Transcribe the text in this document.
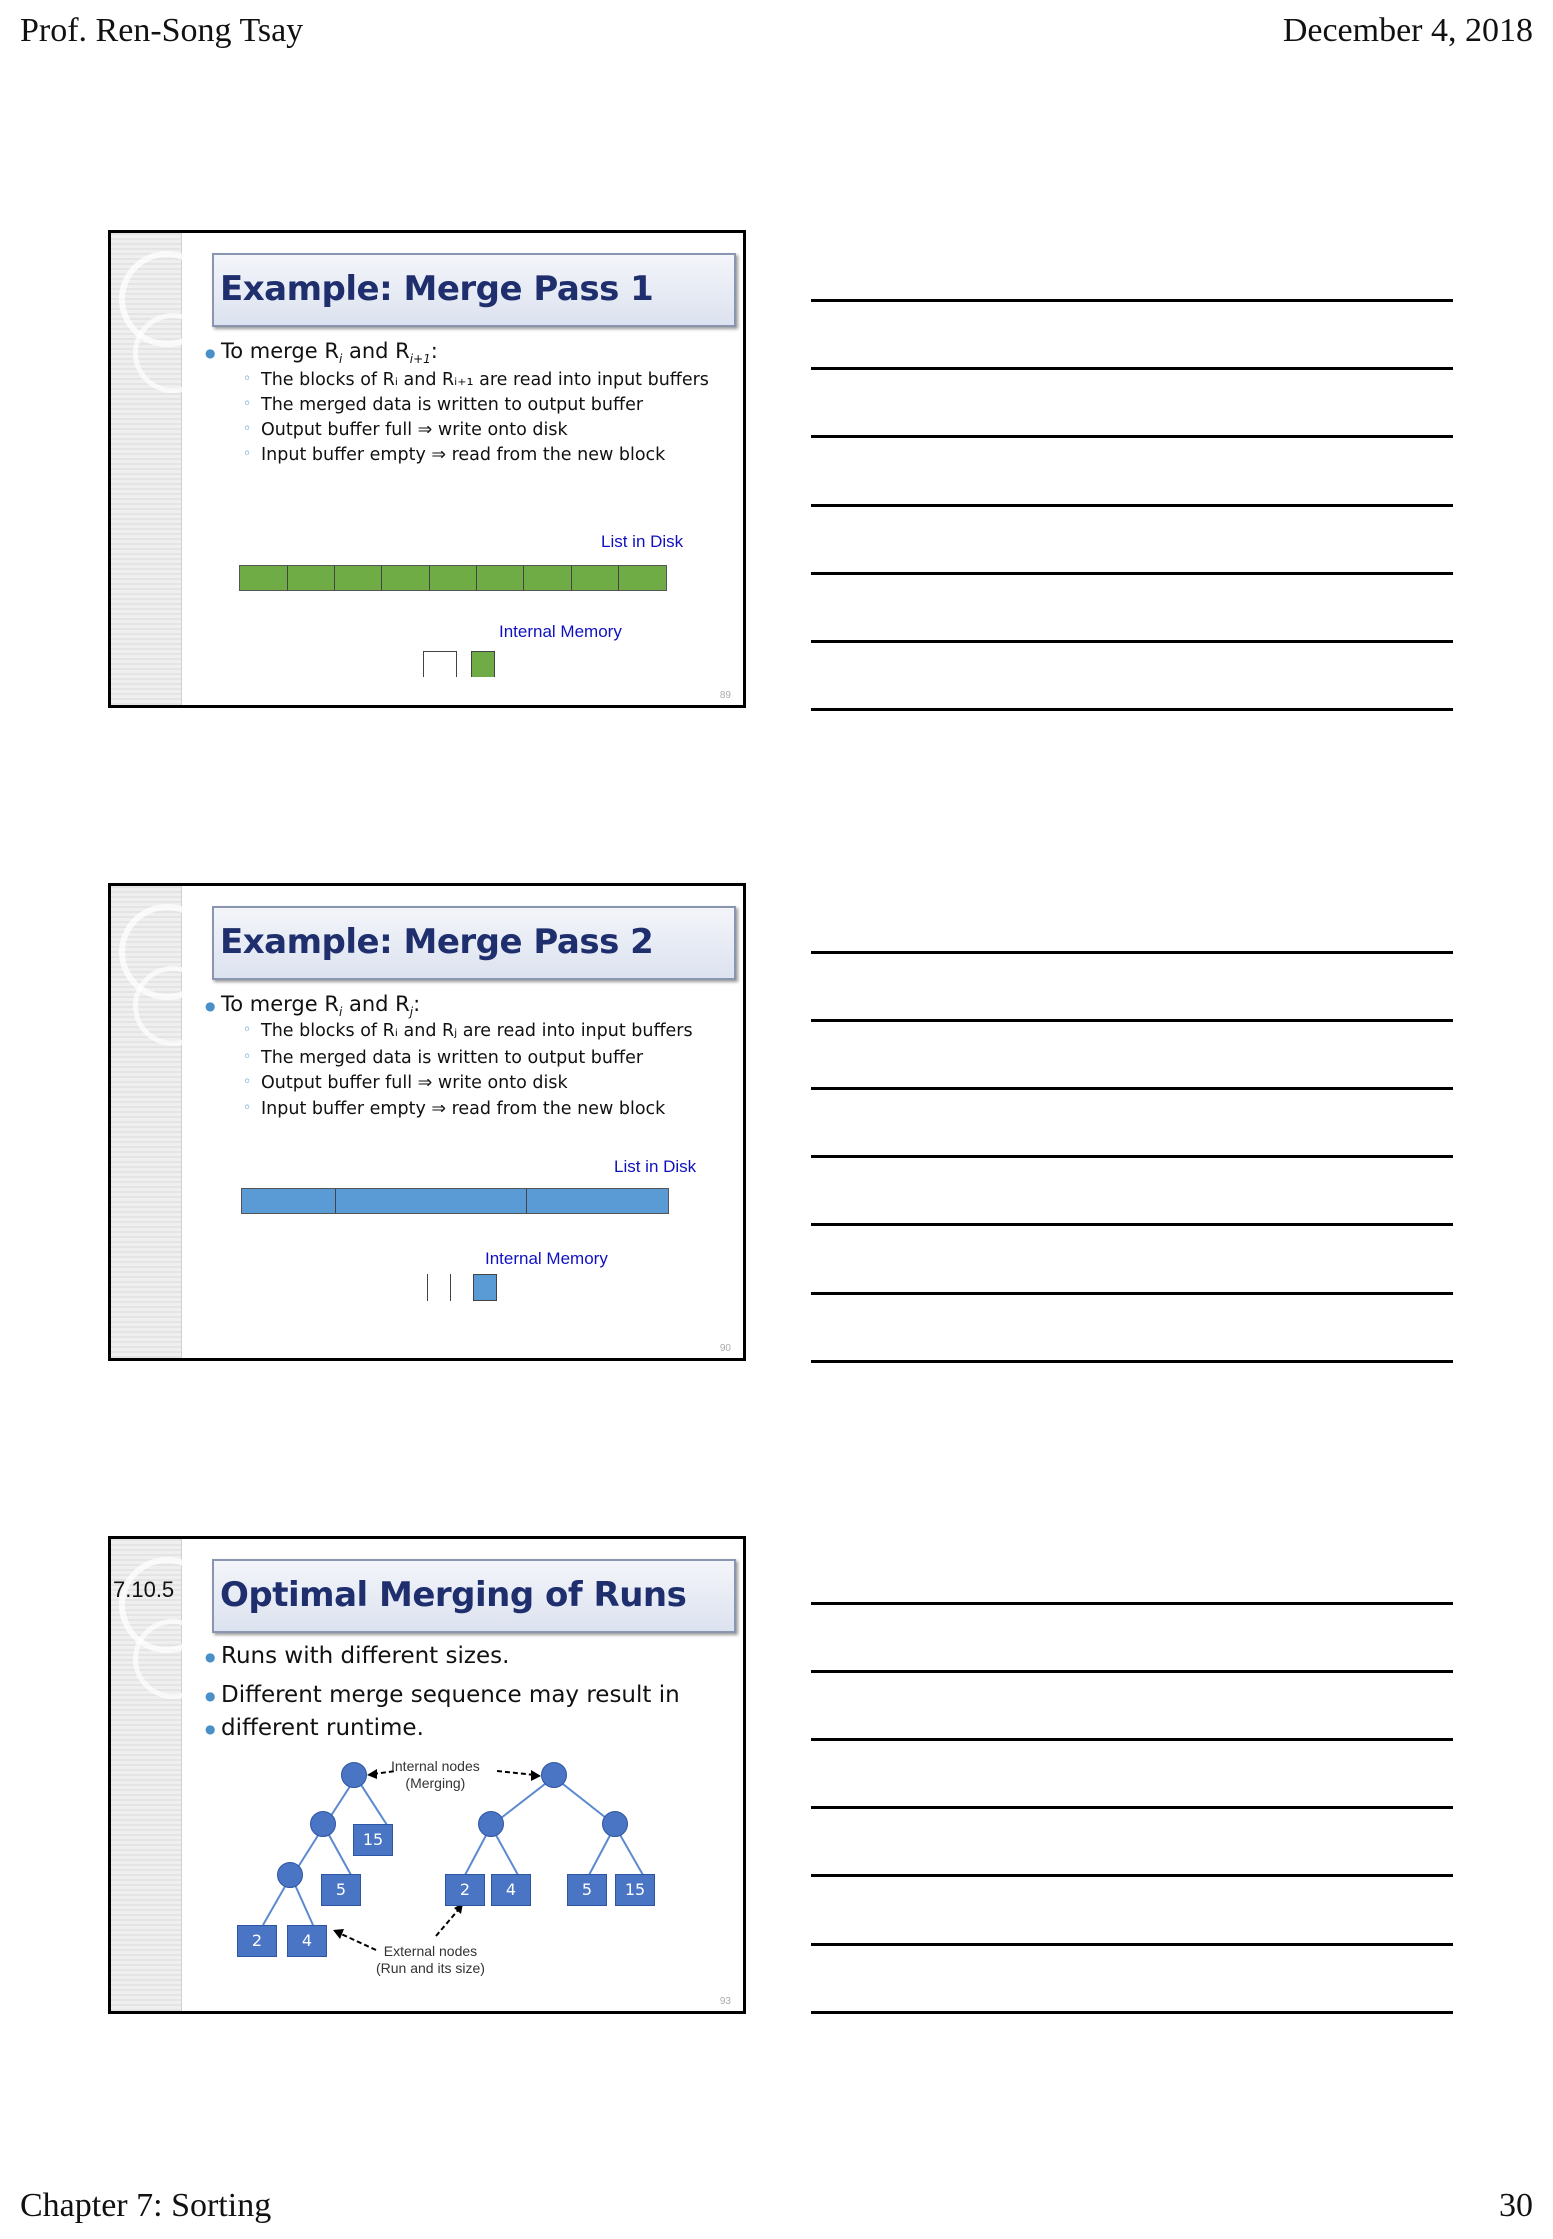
Prof. Ren-Song Tsay	December 4, 2018
Chapter 7: Sorting	30
Example: Merge Pass 1
● To merge $R_i$ and $R_{i+1}$:
◦ The blocks of Rᵢ and Rᵢ₊₁ are read into input buffers
◦ The merged data is written to output buffer
◦ Output buffer full ⇒ write onto disk
◦ Input buffer empty ⇒ read from the new block
List in Disk
Internal Memory
89
Example: Merge Pass 2
● To merge $R_i$ and $R_j$:
◦ The blocks of Rᵢ and Rⱼ are read into input buffers
◦ The merged data is written to output buffer
◦ Output buffer full ⇒ write onto disk
◦ Input buffer empty ⇒ read from the new block
List in Disk
Internal Memory
90
7.10.5 Optimal Merging of Runs
● Runs with different sizes.
● Different merge sequence may result in
● different runtime.
15
5
2	4
2	4	5	15
Internal nodes
(Merging)
External nodes
(Run and its size)
93
